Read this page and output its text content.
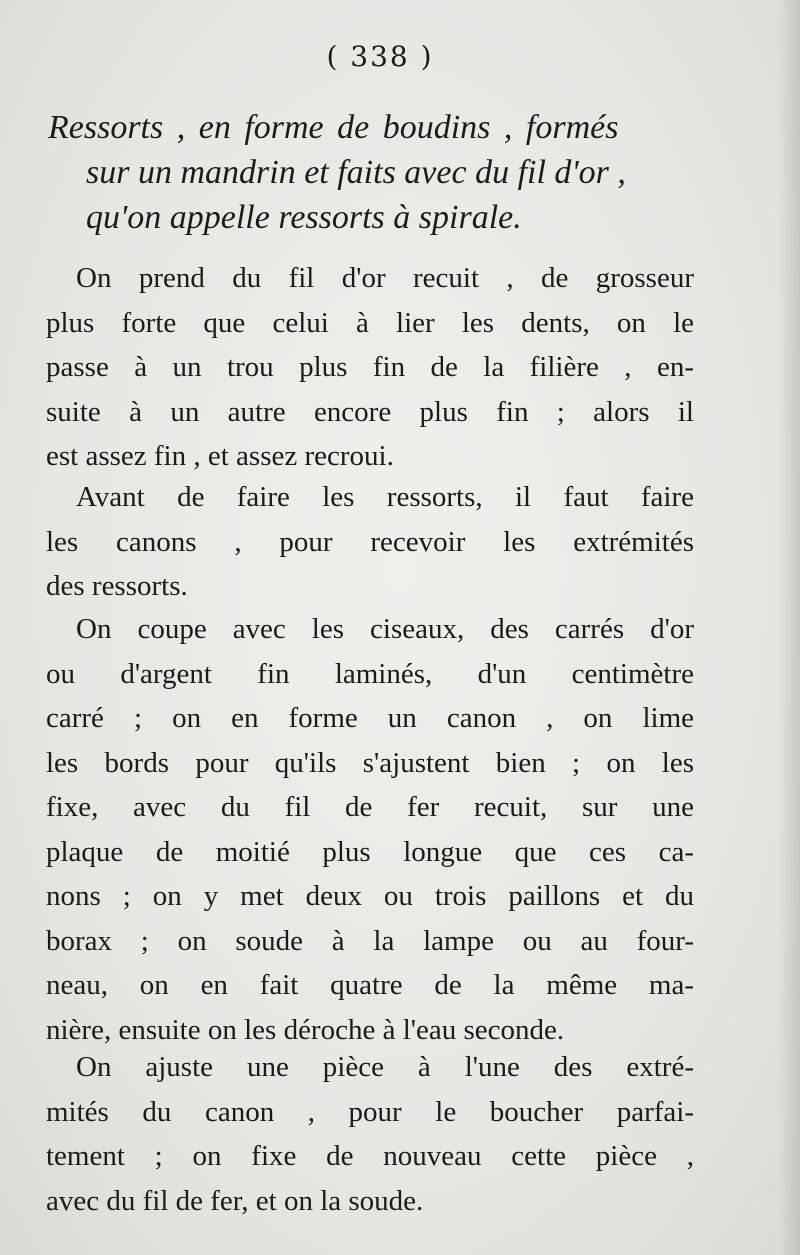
( 338 )
Ressorts , en forme de boudins , formés
sur un mandrin et faits avec du fil d'or ,
qu'on appelle ressorts à spirale.
On prend du fil d'or recuit , de grosseur
plus forte que celui à lier les dents, on le
passe à un trou plus fin de la filière , en-
suite à un autre encore plus fin ; alors il
est assez fin , et assez recroui.
Avant de faire les ressorts, il faut faire
les canons , pour recevoir les extrémités
des ressorts.
On coupe avec les ciseaux, des carrés d'or
ou d'argent fin laminés, d'un centimètre
carré ; on en forme un canon , on lime
les bords pour qu'ils s'ajustent bien ; on les
fixe, avec du fil de fer recuit, sur une
plaque de moitié plus longue que ces ca-
nons ; on y met deux ou trois paillons et du
borax ; on soude à la lampe ou au four-
neau, on en fait quatre de la même ma-
nière, ensuite on les déroche à l'eau seconde.
On ajuste une pièce à l'une des extré-
mités du canon , pour le boucher parfai-
tement ; on fixe de nouveau cette pièce ,
avec du fil de fer, et on la soude.
